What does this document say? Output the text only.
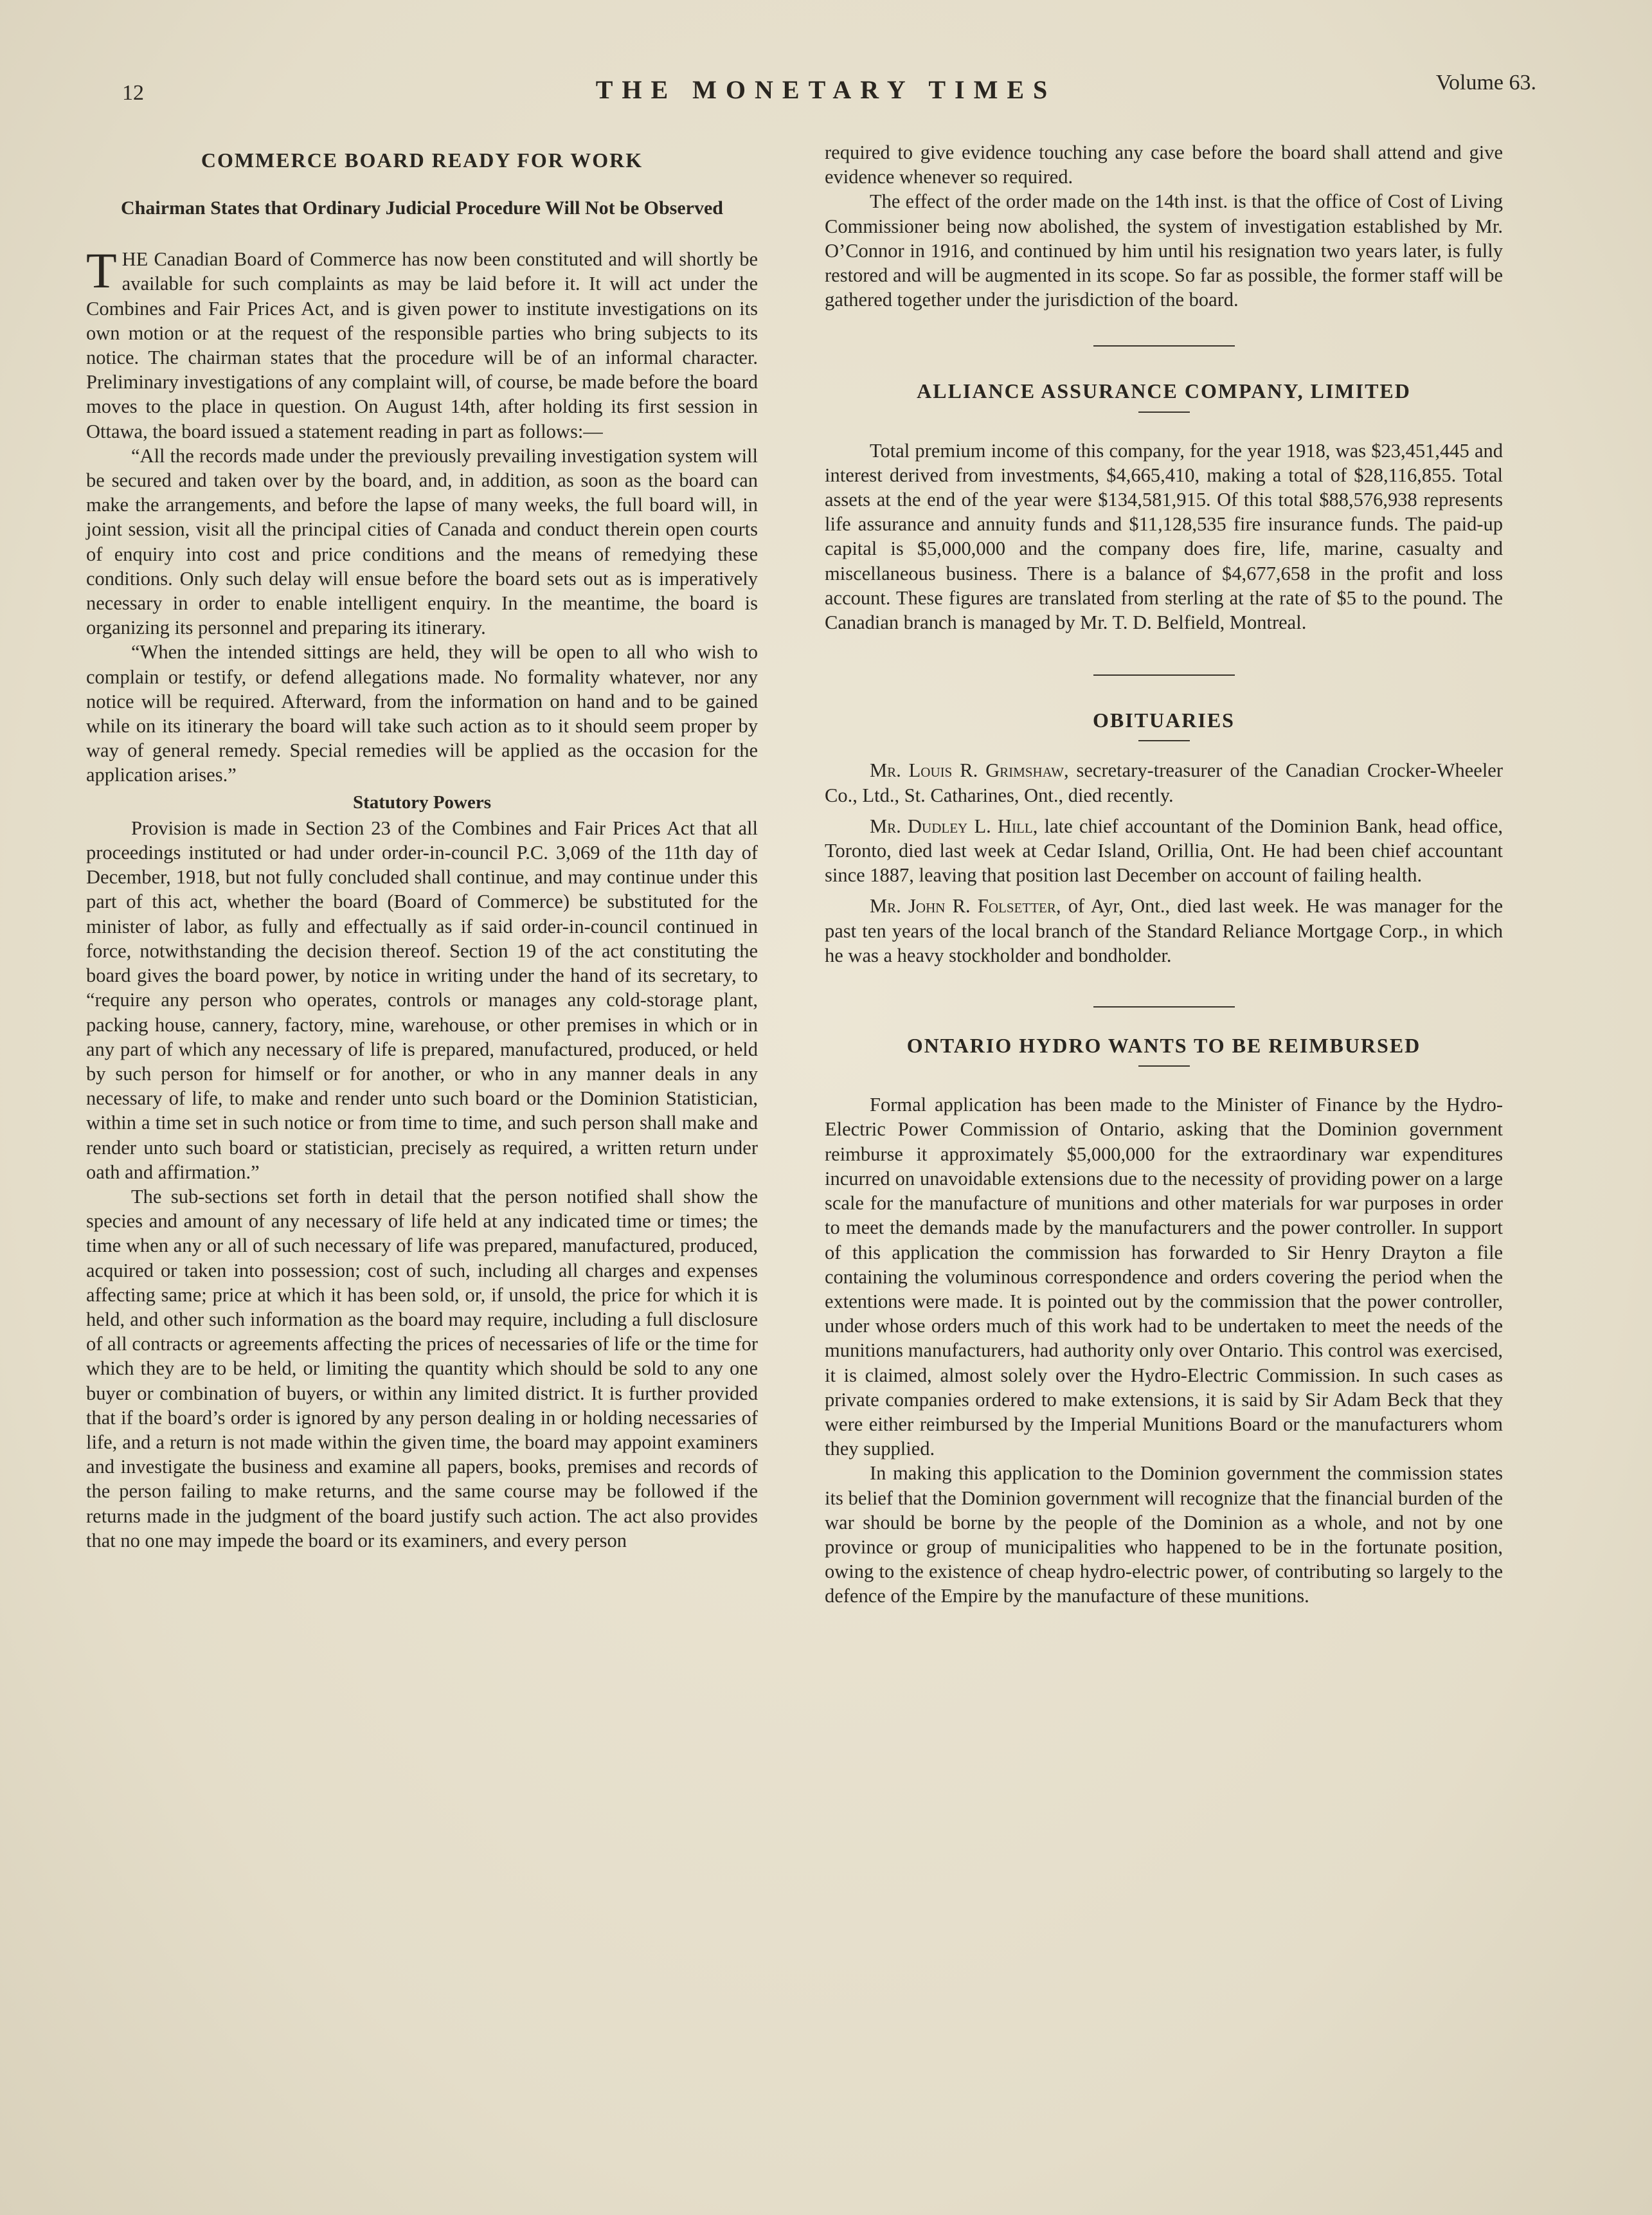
12	THE MONETARY TIMES	Volume 63.
COMMERCE BOARD READY FOR WORK
Chairman States that Ordinary Judicial Procedure Will Not be Observed

THE Canadian Board of Commerce has now been constituted and will shortly be available for such complaints as may be laid before it. It will act under the Combines and Fair Prices Act, and is given power to institute investigations on its own motion or at the request of the responsible parties who bring subjects to its notice. The chairman states that the procedure will be of an informal character. Preliminary investigations of any complaint will, of course, be made before the board moves to the place in question. On August 14th, after holding its first session in Ottawa, the board issued a statement reading in part as follows:—

“All the records made under the previously prevailing investigation system will be secured and taken over by the board, and, in addition, as soon as the board can make the arrangements, and before the lapse of many weeks, the full board will, in joint session, visit all the principal cities of Canada and conduct therein open courts of enquiry into cost and price conditions and the means of remedying these conditions. Only such delay will ensue before the board sets out as is imperatively necessary in order to enable intelligent enquiry. In the meantime, the board is organizing its personnel and preparing its itinerary.

“When the intended sittings are held, they will be open to all who wish to complain or testify, or defend allegations made. No formality whatever, nor any notice will be required. Afterward, from the information on hand and to be gained while on its itinerary the board will take such action as to it should seem proper by way of general remedy. Special remedies will be applied as the occasion for the application arises.”

Statutory Powers

Provision is made in Section 23 of the Combines and Fair Prices Act that all proceedings instituted or had under order-in-council P.C. 3,069 of the 11th day of December, 1918, but not fully concluded shall continue, and may continue under this part of this act, whether the board (Board of Commerce) be substituted for the minister of labor, as fully and effectually as if said order-in-council continued in force, notwithstanding the decision thereof. Section 19 of the act constituting the board gives the board power, by notice in writing under the hand of its secretary, to “require any person who operates, controls or manages any cold-storage plant, packing house, cannery, factory, mine, warehouse, or other premises in which or in any part of which any necessary of life is prepared, manufactured, produced, or held by such person for himself or for another, or who in any manner deals in any necessary of life, to make and render unto such board or the Dominion Statistician, within a time set in such notice or from time to time, and such person shall make and render unto such board or statistician, precisely as required, a written return under oath and affirmation.”

The sub-sections set forth in detail that the person notified shall show the species and amount of any necessary of life held at any indicated time or times; the time when any or all of such necessary of life was prepared, manufactured, produced, acquired or taken into possession; cost of such, including all charges and expenses affecting same; price at which it has been sold, or, if unsold, the price for which it is held, and other such information as the board may require, including a full disclosure of all contracts or agreements affecting the prices of necessaries of life or the time for which they are to be held, or limiting the quantity which should be sold to any one buyer or combination of buyers, or within any limited district. It is further provided that if the board’s order is ignored by any person dealing in or holding necessaries of life, and a return is not made within the given time, the board may appoint examiners and investigate the business and examine all papers, books, premises and records of the person failing to make returns, and the same course may be followed if the returns made in the judgment of the board justify such action. The act also provides that no one may impede the board or its examiners, and every person

required to give evidence touching any case before the board shall attend and give evidence whenever so required.

The effect of the order made on the 14th inst. is that the office of Cost of Living Commissioner being now abolished, the system of investigation established by Mr. O’Connor in 1916, and continued by him until his resignation two years later, is fully restored and will be augmented in its scope. So far as possible, the former staff will be gathered together under the jurisdiction of the board.

ALLIANCE ASSURANCE COMPANY, LIMITED

Total premium income of this company, for the year 1918, was $23,451,445 and interest derived from investments, $4,665,410, making a total of $28,116,855. Total assets at the end of the year were $134,581,915. Of this total $88,576,938 represents life assurance and annuity funds and $11,128,535 fire insurance funds. The paid-up capital is $5,000,000 and the company does fire, life, marine, casualty and miscellaneous business. There is a balance of $4,677,658 in the profit and loss account. These figures are translated from sterling at the rate of $5 to the pound. The Canadian branch is managed by Mr. T. D. Belfield, Montreal.

OBITUARIES

Mr. Louis R. Grimshaw, secretary-treasurer of the Canadian Crocker-Wheeler Co., Ltd., St. Catharines, Ont., died recently.

Mr. Dudley L. Hill, late chief accountant of the Dominion Bank, head office, Toronto, died last week at Cedar Island, Orillia, Ont. He had been chief accountant since 1887, leaving that position last December on account of failing health.

Mr. John R. Folsetter, of Ayr, Ont., died last week. He was manager for the past ten years of the local branch of the Standard Reliance Mortgage Corp., in which he was a heavy stockholder and bondholder.

ONTARIO HYDRO WANTS TO BE REIMBURSED

Formal application has been made to the Minister of Finance by the Hydro-Electric Power Commission of Ontario, asking that the Dominion government reimburse it approximately $5,000,000 for the extraordinary war expenditures incurred on unavoidable extensions due to the necessity of providing power on a large scale for the manufacture of munitions and other materials for war purposes in order to meet the demands made by the manufacturers and the power controller. In support of this application the commission has forwarded to Sir Henry Drayton a file containing the voluminous correspondence and orders covering the period when the extentions were made. It is pointed out by the commission that the power controller, under whose orders much of this work had to be undertaken to meet the needs of the munitions manufacturers, had authority only over Ontario. This control was exercised, it is claimed, almost solely over the Hydro-Electric Commission. In such cases as private companies ordered to make extensions, it is said by Sir Adam Beck that they were either reimbursed by the Imperial Munitions Board or the manufacturers whom they supplied.

In making this application to the Dominion government the commission states its belief that the Dominion government will recognize that the financial burden of the war should be borne by the people of the Dominion as a whole, and not by one province or group of municipalities who happened to be in the fortunate position, owing to the existence of cheap hydro-electric power, of contributing so largely to the defence of the Empire by the manufacture of these munitions.
